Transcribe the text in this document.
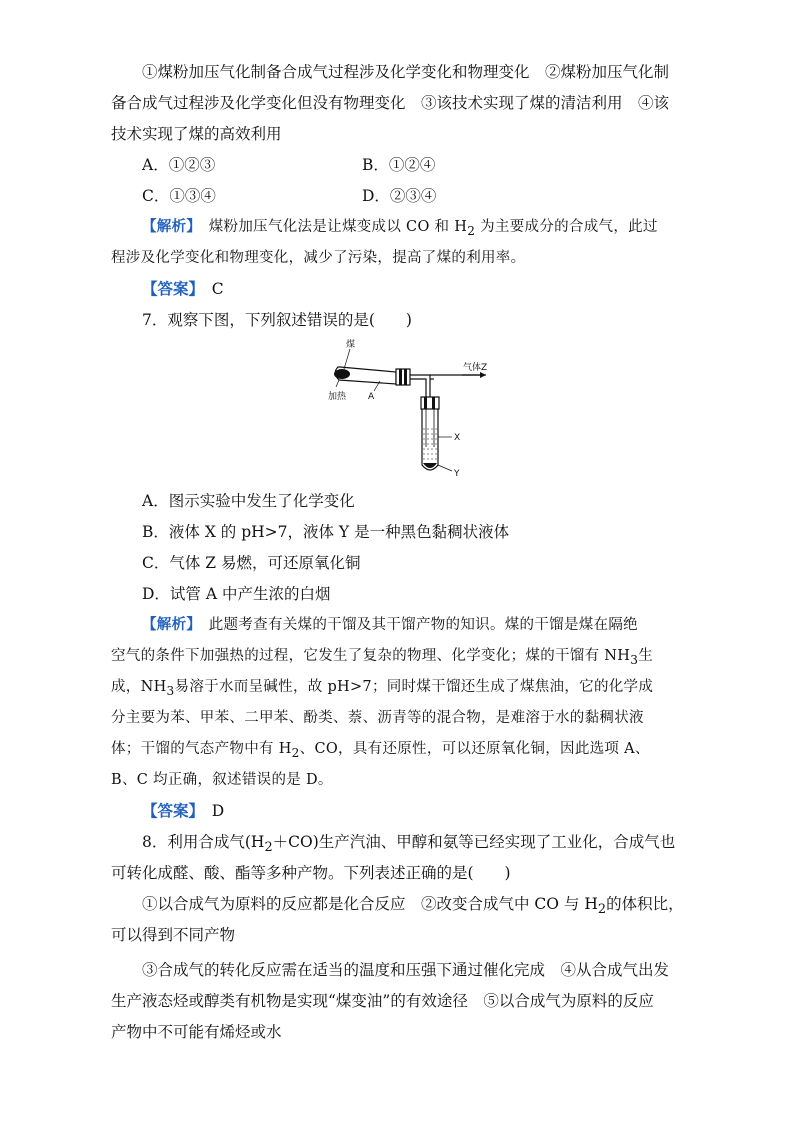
①煤粉加压气化制备合成气过程涉及化学变化和物理变化　②煤粉加压气化制
备合成气过程涉及化学变化但没有物理变化　③该技术实现了煤的清洁利用　④该
技术实现了煤的高效利用
A．①②③	B．①②④
C．①③④	D．②③④
【解析】　煤粉加压气化法是让煤变成以 CO 和 $H_2$ 为主要成分的合成气，此过
程涉及化学变化和物理变化，减少了污染，提高了煤的利用率。
【答案】　C
7．观察下图，下列叙述错误的是(　　)
煤
加热 A
气体Z
X
Y
A．图示实验中发生了化学变化
B．液体 X 的 pH>7，液体 Y 是一种黑色黏稠状液体
C．气体 Z 易燃，可还原氧化铜
D．试管 A 中产生浓的白烟
【解析】　此题考查有关煤的干馏及其干馏产物的知识。煤的干馏是煤在隔绝
空气的条件下加强热的过程，它发生了复杂的物理、化学变化；煤的干馏有 $NH_3$生
成，$NH_3$易溶于水而呈碱性，故 pH>7；同时煤干馏还生成了煤焦油，它的化学成
分主要为苯、甲苯、二甲苯、酚类、萘、沥青等的混合物，是难溶于水的黏稠状液
体；干馏的气态产物中有 $H_2$、CO，具有还原性，可以还原氧化铜，因此选项 A、
B、C 均正确，叙述错误的是 D。
【答案】　D
8．利用合成气$(H_2+CO)$生产汽油、甲醇和氨等已经实现了工业化，合成气也
可转化成醛、酸、酯等多种产物。下列表述正确的是(　　)
①以合成气为原料的反应都是化合反应　②改变合成气中 CO 与 $H_2$的体积比，
可以得到不同产物
③合成气的转化反应需在适当的温度和压强下通过催化完成　④从合成气出发
生产液态烃或醇类有机物是实现“煤变油”的有效途径　⑤以合成气为原料的反应
产物中不可能有烯烃或水
